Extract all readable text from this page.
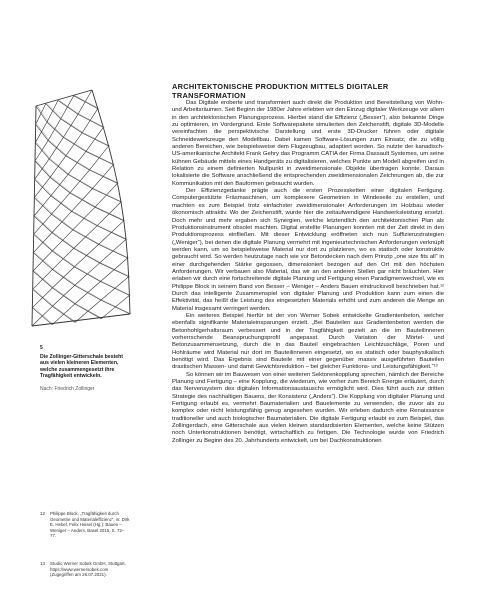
5
Die Zollinger-Gitterschale besteht aus vielen kleineren Elementen, welche zusammengesetzt ihre Tragfähigkeit entwickeln.
Nach: Friedrich Zollinger
12	Philippe Block, „Tragfähigkeit durch Geometrie und Materialeffizienz“, in: Dirk E. Hebel, Felix Heisel (Hg.): Bauen – Weniger – Anders, Basel 2015, S. 72–77.
13	Studio Werner Sobek GmbH, Stuttgart, https://www.wernersobek.com (Zugegriffen am 26.07.2021).
ARCHITEKTONISCHE PRODUKTION MITTELS DIGITALER TRANSFORMATION

Das Digitale eroberte und transformiert auch direkt die Produktion und Bereitstellung von Wohn- und Arbeitsräumen. Seit Beginn der 1980er Jahre erlebten wir den Einzug digitaler Werkzeuge vor allem in den architektonischen Planungsprozess. Hierbei stand die Effizienz („Besser“), also bekannte Dinge zu optimieren, im Vordergrund. Erste Softwarepakete simulierten den Zeichenstift, digitale 3D-Modelle vereinfachten die perspektivische Darstellung und erste 3D-Drucker führen oder digitale Schneidewerkzeuge den Modellbau. Dabei kamen Software-Lösungen zum Einsatz, die zu völlig anderen Bereichen, wie beispielsweise dem Flugzeugbau, adaptiert worden. So nutzte der kanadisch-US-amerikanische Architekt Frank Gehry das Programm CATIA der Firma Dassault Systemes, um seine kühnen Gebäude mittels eines Handgeräts zu digitalisieren, welches Punkte am Modell abgreifen und in Relation zu einem definierten Nullpunkt in zweidimensionale Objekte übertragen konnte. Daraus lokalisierte die Software anschließend die entsprechenden zweidimensionalen Zeichnungen ab, die zur Kommunikation mit den Bauformen gebraucht wurden.

Der Effizienzgedanke prägte auch die ersten Prozessketten einer digitalen Fertigung. Computergestützte Fräsmaschinen, um komplexere Geometrien in Windeseile zu erstellen, und machten es zum Beispiel trotz einfachster zweidimensionaler Anforderungen im Holzbau wieder ökonomisch attraktiv. Wo der Zeichenstift, wurde hier die zeitaufwendigere Handwerksleistung ersetzt. Doch mehr und mehr ergaben sich Synergien, welche letztendlich den architektonischen Plan als Produktionsinstrument obsolet machten. Digital erstellte Planungen konnten mit der Zeit direkt in den Produktionsprozess einfließen. Mit dieser Entwicklung eröffneten sich nun Suffizienzstrategien („Weniger“), bei denen die digitale Planung vermehrt mit ingenieurtechnischen Anforderungen verknüpft werden kann, um so beispielsweise Material nur dort zu platzieren, wo es statisch oder konstruktiv gebraucht wird. So werden heutzutage nach wie vor Betondecken nach dem Prinzip „one size fits all“ in einer durchgehenden Stärke gegossen, dimensioniert bezogen auf den Ort mit den höchsten Anforderungen. Wir verbauen also Material, das wir an den anderen Stellen gar nicht bräuchten. Hier erlaben wir durch eine fortschreitende digitale Planung und Fertigung einen Paradigmenwechsel, wie es Philippe Block in seinem Band von Besser – Weniger – Anders Bauen eindrucksvoll beschrieben hat.¹² Durch das intelligente Zusammenspiel von digitaler Planung und Produktion kann zum einen die Effektivität, das heißt die Leistung des eingesetzten Materials erhöht und zum anderen die Menge an Material insgesamt verringert werden.

Ein weiteres Beispiel hierfür ist der von Werner Sobek entwickelte Gradientenbeton, welcher ebenfalls signifikante Materialeinsparungen erzielt. „Bei Bauteilen aus Gradientenbeton werden die Betonhohlgerhaltsraum verbessert und in der Tragfähigkeit gezielt an die im Bauteilinneren vorherrschende Beanspruchungsprofil angepasst. Durch Variation der Mörtel- und Betonzusammensetzung, durch die in das Bauteil eingebrachten Leichtzuschläge, Poren und Hohlräume wird Material nur dort im Bauteilinneren eingesetzt, wo es statisch oder bauphysikalisch benötigt wird. Das Ergebnis sind Bauteile mit einer gegenüber massiv ausgeführten Bauteilen drastischen Massen- und damit Gewichtsreduktion – bei gleicher Funktions- und Leistungsfähigkeit.“¹³

So können wir im Bauwesen von einer weiteren Sektorenkopplung sprechen, nämlich der Bereiche Planung und Fertigung – eine Kopplung, die wiederum, wie vorher zum Bereich Energie erläutert, durch das Nervensystem des digitalen Informationsaustauschs ermöglicht wird. Dies führt auch zur dritten Strategie des nachhaltigen Bauens, der Konsistenz („Anders“). Die Kopplung von digitaler Planung und Fertigung erlaubt es, vermehrt Baumaterialien und Bauelemente zu verwenden, die zuvor als zu komplex oder nicht leistungsfähig genug angesehen wurden. Wir erleben dadurch eine Renaissance traditioneller und auch biologischer Baumaterialien. Die digitale Fertigung erlaubt es zum Beispiel, das Zollingerdach, eine Gitterschale aus vielen kleinen standardisierten Elementen, welche keine Stützen noch Unterkonstruktionen benötigt, wirtschaftlich zu fertigen. Die Technologie wurde von Friedrich Zollinger zu Beginn des 20. Jahrhunderts entwickelt, um bei Dachkonstruktionen
